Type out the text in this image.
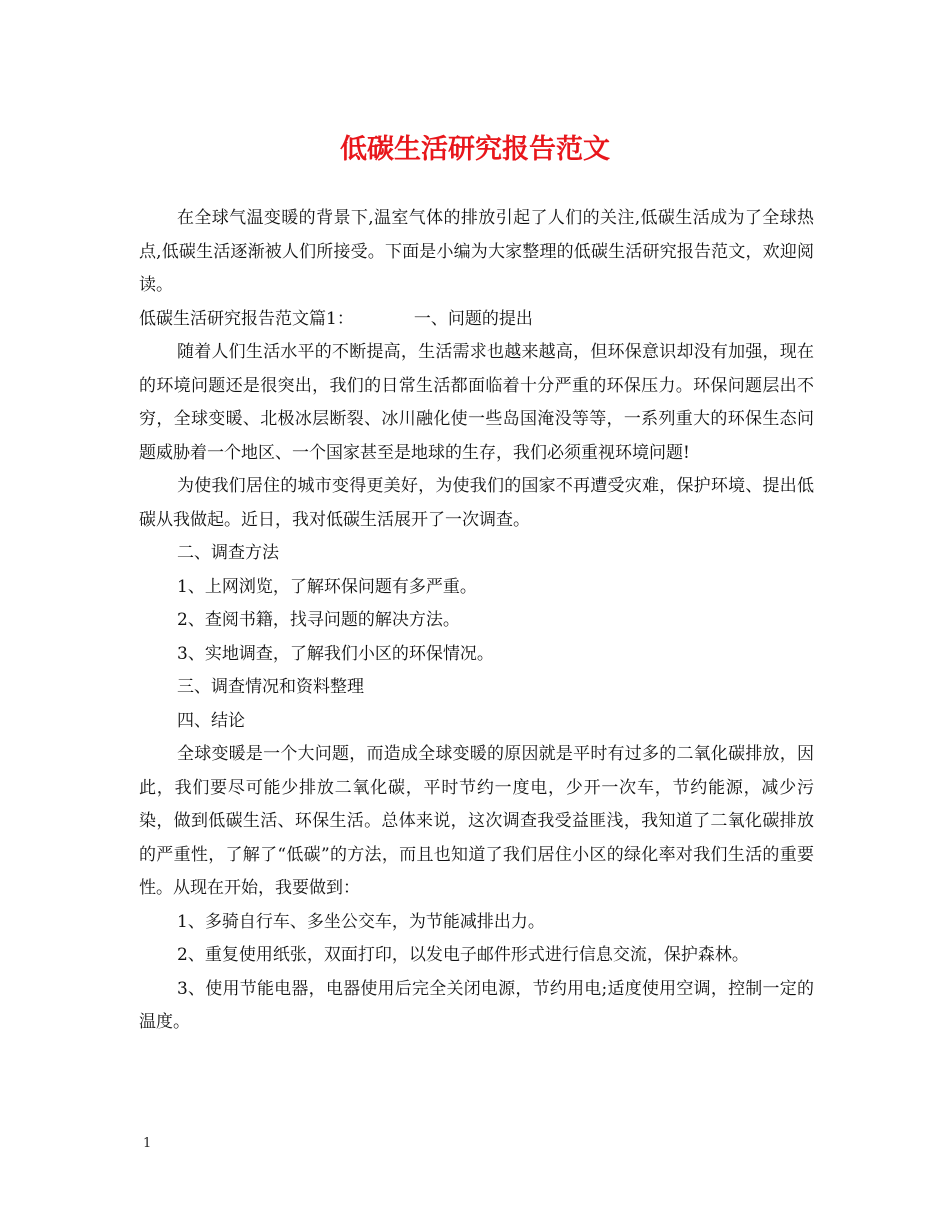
低碳生活研究报告范文

在全球气温变暖的背景下,温室气体的排放引起了人们的关注,低碳生活成为了全球热点,低碳生活逐渐被人们所接受。下面是小编为大家整理的低碳生活研究报告范文，欢迎阅读。

低碳生活研究报告范文篇1：	一、问题的提出

随着人们生活水平的不断提高，生活需求也越来越高，但环保意识却没有加强，现在的环境问题还是很突出，我们的日常生活都面临着十分严重的环保压力。环保问题层出不穷，全球变暖、北极冰层断裂、冰川融化使一些岛国淹没等等，一系列重大的环保生态问题威胁着一个地区、一个国家甚至是地球的生存，我们必须重视环境问题!

为使我们居住的城市变得更美好，为使我们的国家不再遭受灾难，保护环境、提出低碳从我做起。近日，我对低碳生活展开了一次调查。

二、调查方法

1、上网浏览，了解环保问题有多严重。

2、查阅书籍，找寻问题的解决方法。

3、实地调查，了解我们小区的环保情况。

三、调查情况和资料整理

四、结论

全球变暖是一个大问题，而造成全球变暖的原因就是平时有过多的二氧化碳排放，因此，我们要尽可能少排放二氧化碳，平时节约一度电，少开一次车，节约能源，减少污染，做到低碳生活、环保生活。总体来说，这次调查我受益匪浅，我知道了二氧化碳排放的严重性，了解了“低碳”的方法，而且也知道了我们居住小区的绿化率对我们生活的重要性。从现在开始，我要做到：

1、多骑自行车、多坐公交车，为节能减排出力。

2、重复使用纸张，双面打印，以发电子邮件形式进行信息交流，保护森林。

3、使用节能电器，电器使用后完全关闭电源，节约用电;适度使用空调，控制一定的温度。

1
